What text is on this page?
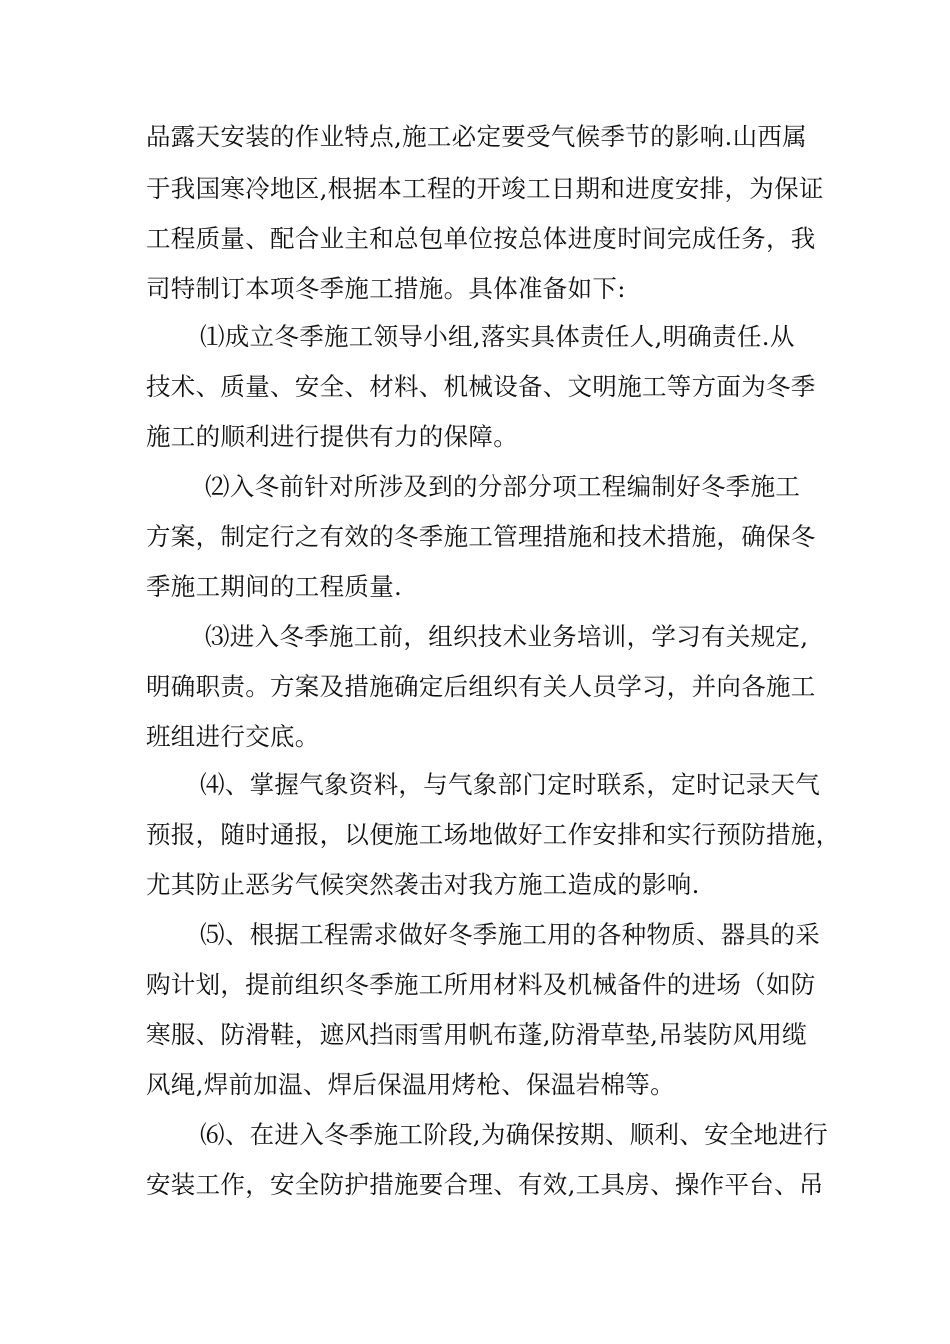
品露天安装的作业特点,施工必定要受气候季节的影响.山西属
于我国寒冷地区,根据本工程的开竣工日期和进度安排，为保证
工程质量、配合业主和总包单位按总体进度时间完成任务，我
司特制订本项冬季施工措施。具体准备如下:
⑴成立冬季施工领导小组,落实具体责任人,明确责任.从
技术、质量、安全、材料、机械设备、文明施工等方面为冬季
施工的顺利进行提供有力的保障。
⑵入冬前针对所涉及到的分部分项工程编制好冬季施工
方案，制定行之有效的冬季施工管理措施和技术措施，确保冬
季施工期间的工程质量.
⑶进入冬季施工前，组织技术业务培训，学习有关规定,
明确职责。方案及措施确定后组织有关人员学习，并向各施工
班组进行交底。
⑷、掌握气象资料，与气象部门定时联系，定时记录天气
预报，随时通报，以便施工场地做好工作安排和实行预防措施，
尤其防止恶劣气候突然袭击对我方施工造成的影响.
⑸、根据工程需求做好冬季施工用的各种物质、器具的采
购计划，提前组织冬季施工所用材料及机械备件的进场（如防
寒服、防滑鞋，遮风挡雨雪用帆布蓬,防滑草垫,吊装防风用缆
风绳,焊前加温、焊后保温用烤枪、保温岩棉等。
⑹、在进入冬季施工阶段,为确保按期、顺利、安全地进行
安装工作，安全防护措施要合理、有效,工具房、操作平台、吊
